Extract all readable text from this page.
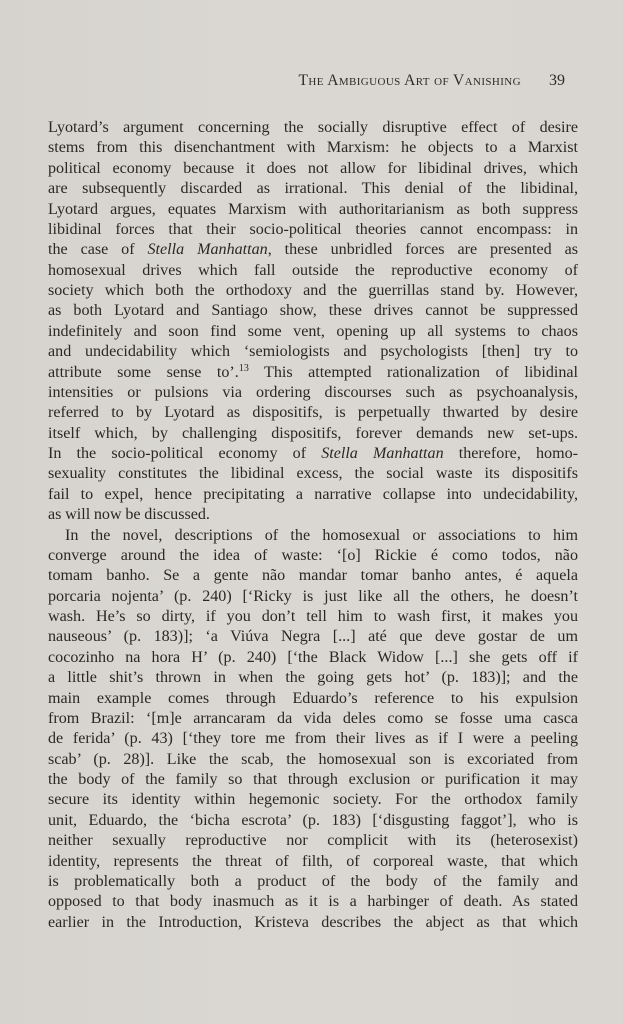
The Ambiguous Art of Vanishing 39
Lyotard’s argument concerning the socially disruptive effect of desire
stems from this disenchantment with Marxism: he objects to a Marxist
political economy because it does not allow for libidinal drives, which
are subsequently discarded as irrational. This denial of the libidinal,
Lyotard argues, equates Marxism with authoritarianism as both suppress
libidinal forces that their socio-political theories cannot encompass: in
the case of Stella Manhattan, these unbridled forces are presented as
homosexual drives which fall outside the reproductive economy of
society which both the orthodoxy and the guerrillas stand by. However,
as both Lyotard and Santiago show, these drives cannot be suppressed
indefinitely and soon find some vent, opening up all systems to chaos
and undecidability which ‘semiologists and psychologists [then] try to
attribute some sense to’.$^{13}$ This attempted rationalization of libidinal
intensities or pulsions via ordering discourses such as psychoanalysis,
referred to by Lyotard as dispositifs, is perpetually thwarted by desire
itself which, by challenging dispositifs, forever demands new set-ups.
In the socio-political economy of Stella Manhattan therefore, homo-
sexuality constitutes the libidinal excess, the social waste its dispositifs
fail to expel, hence precipitating a narrative collapse into undecidability,
as will now be discussed.
In the novel, descriptions of the homosexual or associations to him
converge around the idea of waste: ‘[o] Rickie é como todos, não
tomam banho. Se a gente não mandar tomar banho antes, é aquela
porcaria nojenta’ (p. 240) [‘Ricky is just like all the others, he doesn’t
wash. He’s so dirty, if you don’t tell him to wash first, it makes you
nauseous’ (p. 183)]; ‘a Viúva Negra [...] até que deve gostar de um
cocozinho na hora H’ (p. 240) [‘the Black Widow [...] she gets off if
a little shit’s thrown in when the going gets hot’ (p. 183)]; and the
main example comes through Eduardo’s reference to his expulsion
from Brazil: ‘[m]e arrancaram da vida deles como se fosse uma casca
de ferida’ (p. 43) [‘they tore me from their lives as if I were a peeling
scab’ (p. 28)]. Like the scab, the homosexual son is excoriated from
the body of the family so that through exclusion or purification it may
secure its identity within hegemonic society. For the orthodox family
unit, Eduardo, the ‘bicha escrota’ (p. 183) [‘disgusting faggot’], who is
neither sexually reproductive nor complicit with its (heterosexist)
identity, represents the threat of filth, of corporeal waste, that which
is problematically both a product of the body of the family and
opposed to that body inasmuch as it is a harbinger of death. As stated
earlier in the Introduction, Kristeva describes the abject as that which
